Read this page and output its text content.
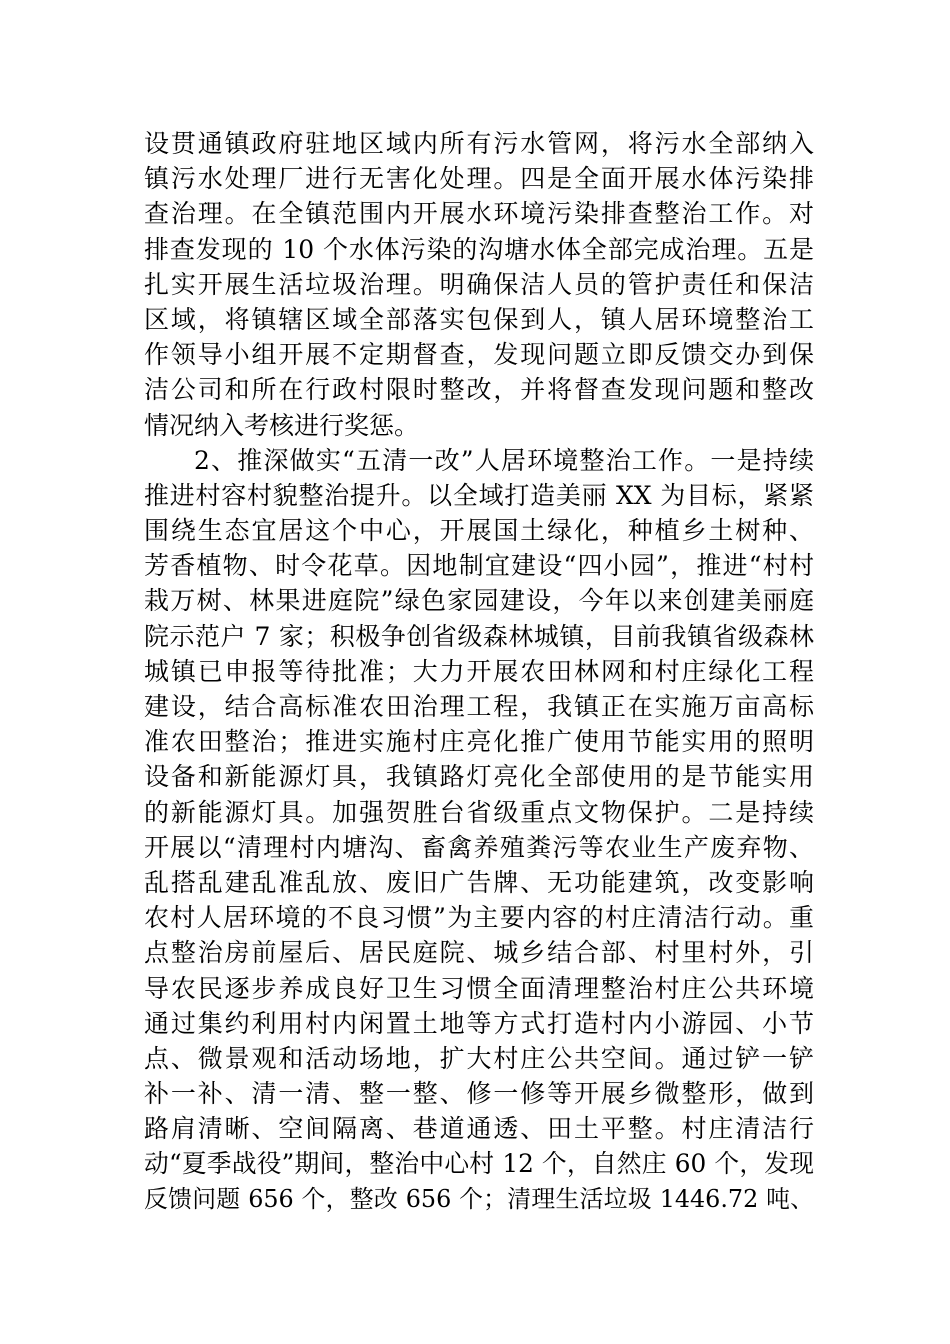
设贯通镇政府驻地区域内所有污水管网，将污水全部纳入
镇污水处理厂进行无害化处理。四是全面开展水体污染排
查治理。在全镇范围内开展水环境污染排查整治工作。对
排查发现的 10 个水体污染的沟塘水体全部完成治理。五是
扎实开展生活垃圾治理。明确保洁人员的管护责任和保洁
区域，将镇辖区域全部落实包保到人，镇人居环境整治工
作领导小组开展不定期督查，发现问题立即反馈交办到保
洁公司和所在行政村限时整改，并将督查发现问题和整改
情况纳入考核进行奖惩。
2、推深做实“五清一改”人居环境整治工作。一是持续
推进村容村貌整治提升。以全域打造美丽 XX 为目标，紧紧
围绕生态宜居这个中心，开展国土绿化，种植乡土树种、
芳香植物、时令花草。因地制宜建设“四小园”，推进“村村
栽万树、林果进庭院”绿色家园建设，今年以来创建美丽庭
院示范户 7 家；积极争创省级森林城镇，目前我镇省级森林
城镇已申报等待批准；大力开展农田林网和村庄绿化工程
建设，结合高标准农田治理工程，我镇正在实施万亩高标
准农田整治；推进实施村庄亮化推广使用节能实用的照明
设备和新能源灯具，我镇路灯亮化全部使用的是节能实用
的新能源灯具。加强贺胜台省级重点文物保护。二是持续
开展以“清理村内塘沟、畜禽养殖粪污等农业生产废弃物、
乱搭乱建乱准乱放、废旧广告牌、无功能建筑，改变影响
农村人居环境的不良习惯”为主要内容的村庄清洁行动。重
点整治房前屋后、居民庭院、城乡结合部、村里村外，引
导农民逐步养成良好卫生习惯全面清理整治村庄公共环境
通过集约利用村内闲置土地等方式打造村内小游园、小节
点、微景观和活动场地，扩大村庄公共空间。通过铲一铲
补一补、清一清、整一整、修一修等开展乡微整形，做到
路肩清晰、空间隔离、巷道通透、田土平整。村庄清洁行
动“夏季战役”期间，整治中心村 12 个，自然庄 60 个，发现
反馈问题 656 个，整改 656 个；清理生活垃圾 1446.72 吨、
